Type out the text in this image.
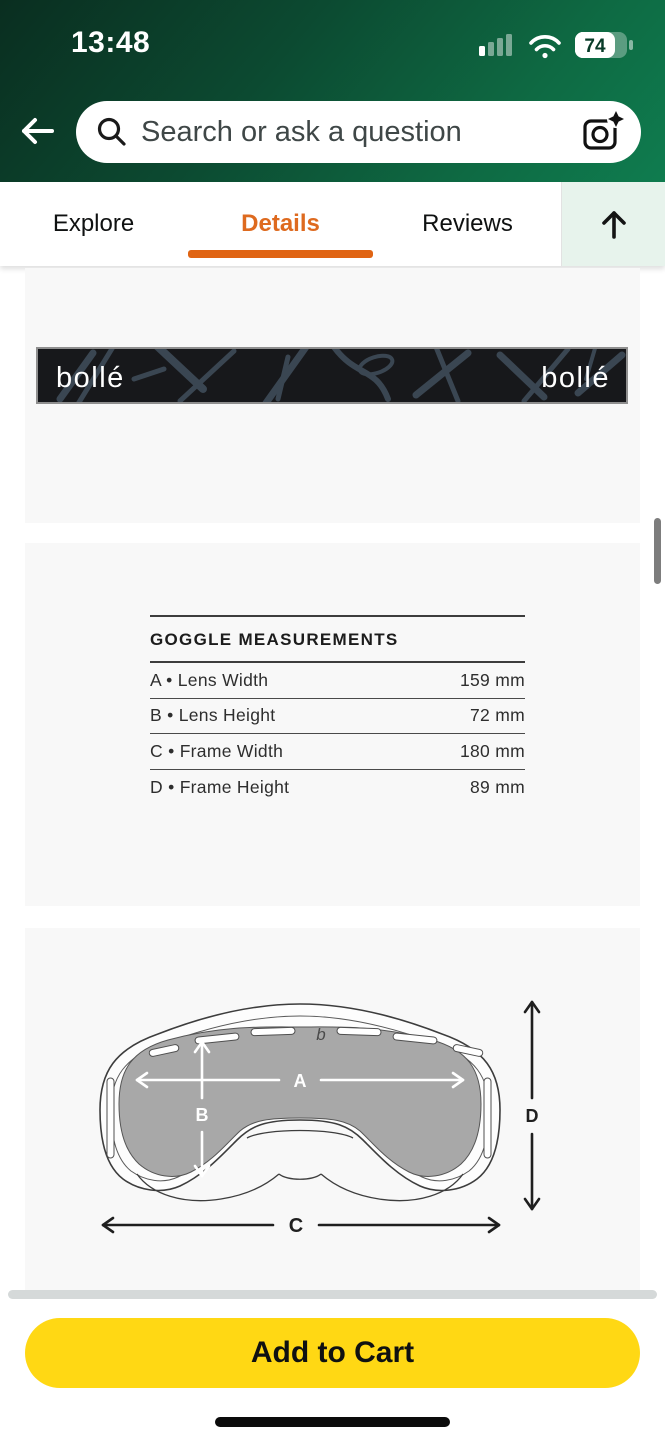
13:48	74
Search or ask a question
Explore	Details	Reviews
bollé	bollé
GOGGLE MEASUREMENTS
A • Lens Width	159 mm
B • Lens Height	72 mm
C • Frame Width	180 mm
D • Frame Height	89 mm
b
A
B
C
D
Add to Cart
